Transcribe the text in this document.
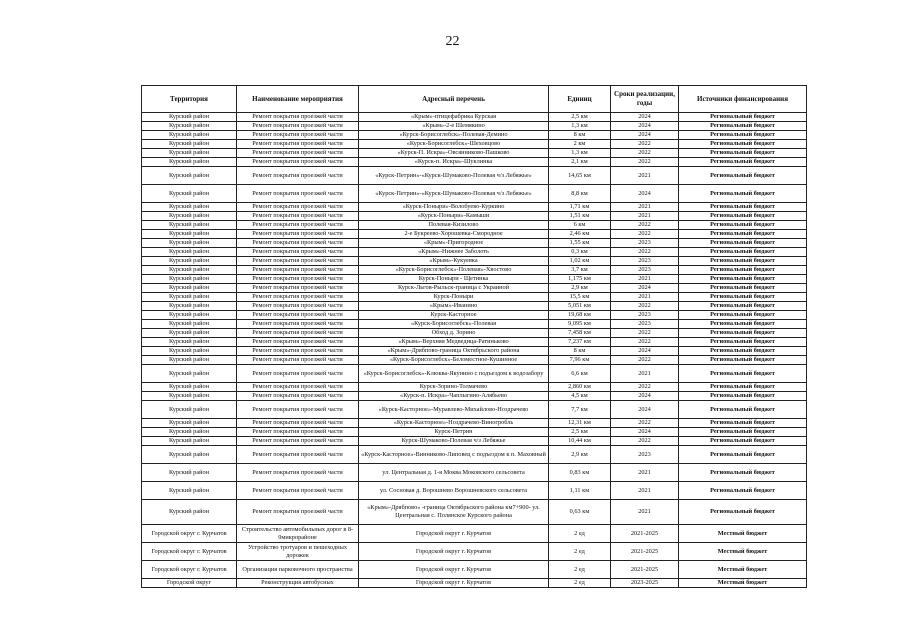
22
Территория	Наименование мероприятия	Адресный перечень	Единиц	Сроки реализации, годы	Источники финансирования
Курский район	Ремонт покрытия проезжей части	«Крым»-птицефабрика Курская	2,5 км	2024	Региональный бюджет
Курский район	Ремонт покрытия проезжей части	«Крым»-2-е Шемякино	1,3 км	2024	Региональный бюджет
Курский район	Ремонт покрытия проезжей части	«Курск-Борисоглебск»-Полевая-Демино	8 км	2024	Региональный бюджет
Курский район	Ремонт покрытия проезжей части	«Курск-Борисоглебск»-Шеховцово	2 км	2022	Региональный бюджет
Курский район	Ремонт покрытия проезжей части	«Курск-П. Искра»-Овсянниково-Пашково	1,3 км	2022	Региональный бюджет
Курский район	Ремонт покрытия проезжей части	«Курск-п. Искра»-Шуклинка	2,1 км	2022	Региональный бюджет
Курский район	Ремонт покрытия проезжей части	«Курск-Петрин»-«Курск-Шумаково-Полевая ч/з Лебяжье»	14,65 км	2021	Региональный бюджет
Курский район	Ремонт покрытия проезжей части	«Курск-Петрин»-«Курск-Шумаково-Полевая ч/з Лебяжье»	8,8 км	2024	Региональный бюджет
Курский район	Ремонт покрытия проезжей части	«Курск-Поныри»-Волобуево-Куркино	1,71 км	2021	Региональный бюджет
Курский район	Ремонт покрытия проезжей части	«Курск-Поныри»-Камыши	1,51 км	2021	Региональный бюджет
Курский район	Ремонт покрытия проезжей части	Полевая-Кизилово	6 км	2022	Региональный бюджет
Курский район	Ремонт покрытия проезжей части	2-е Букреево-Хорошевка-Смородное	2,46 км	2022	Региональный бюджет
Курский район	Ремонт покрытия проезжей части	«Крым»-Пригородное	1,55 км	2023	Региональный бюджет
Курский район	Ремонт покрытия проезжей части	«Крым»-Нижнее Заболоть	0,3 км	2022	Региональный бюджет
Курский район	Ремонт покрытия проезжей части	«Крым»-Кукуевка	1,02 км	2023	Региональный бюджет
Курский район	Ремонт покрытия проезжей части	«Курск-Борисоглебск»-Полевая»-Хвостово	3,7 км	2023	Региональный бюджет
Курский район	Ремонт покрытия проезжей части	Курск-Поныри - Щетинка	1,175 км	2021	Региональный бюджет
Курский район	Ремонт покрытия проезжей части	Курск-Льгов-Рыльск-граница с Украиной	2,9 км	2024	Региональный бюджет
Курский район	Ремонт покрытия проезжей части	Курск-Поныри	15,5 км	2021	Региональный бюджет
Курский район	Ремонт покрытия проезжей части	«Крым»-Иванино	5,051 км	2022	Региональный бюджет
Курский район	Ремонт покрытия проезжей части	Курск-Касторное	19,68 км	2023	Региональный бюджет
Курский район	Ремонт покрытия проезжей части	«Курск-Борисоглебск»-Полевая	9,095 км	2023	Региональный бюджет
Курский район	Ремонт покрытия проезжей части	Обход д. Зорино	7,458 км	2022	Региональный бюджет
Курский район	Ремонт покрытия проезжей части	«Крым»-Верхняя Медведица-Ратиньково	7,237 км	2022	Региональный бюджет
Курский район	Ремонт покрытия проезжей части	«Крым»-Дрябпово-граница Октябрьского района	8 км	2024	Региональный бюджет
Курский район	Ремонт покрытия проезжей части	«Курск-Борисоглебск»-Беломестное-Кушинное	7,96 км	2022	Региональный бюджет
Курский район	Ремонт покрытия проезжей части	«Курск-Борисоглебск»-Клюква-Якунино с подъездом к водозабору	6,6 км	2021	Региональный бюджет
Курский район	Ремонт покрытия проезжей части	Курск-Зорино-Толмачево	2,860 км	2022	Региональный бюджет
Курский район	Ремонт покрытия проезжей части	«Курск-п. Искра»-Чаплыгино-Алябьево	4,5 км	2024	Региональный бюджет
Курский район	Ремонт покрытия проезжей части	«Курск-Касторное»-Муравлево-Михайлово-Ноздрачево	7,7 км	2024	Региональный бюджет
Курский район	Ремонт покрытия проезжей части	«Курск-Касторное»-Ноздрачево-Виногробль	12,31 км	2022	Региональный бюджет
Курский район	Ремонт покрытия проезжей части	Курск-Петрин	2,5 км	2024	Региональный бюджет
Курский район	Ремонт покрытия проезжей части	Курск-Шумаково-Полевая ч/з Лебяжье	10,44 км	2022	Региональный бюджет
Курский район	Ремонт покрытия проезжей части	«Курск-Касторное»-Винниково-Липовец с подъездом к п. Маховный	2,9 км	2023	Региональный бюджет
Курский район	Ремонт покрытия проезжей части	ул. Центральная д. 1-я Моква Моковского сельсовета	0,83 км	2021	Региональный бюджет
Курский район	Ремонт покрытия проезжей части	ул. Сосновая д. Ворошнево Ворошневского сельсовета	1,11 км	2021	Региональный бюджет
Курский район	Ремонт покрытия проезжей части	«Крым»-Дрябпово» -граница Октябрьского района км7+900- ул. Центральная с. Полянское Курского района	0,63 км	2021	Региональный бюджет
Городской округ г. Курчатов	Строительство автомобильных дорог в 8-9микрорайоне	Городской округ г. Курчатов	2 ед	2021-2025	Местный бюджет
Городской округ г. Курчатов	Устройство тротуаров и пешеходных дорожек	Городской округ г. Курчатов	2 ед	2021-2025	Местный бюджет
Городской округ г. Курчатов	Организация парковочного пространства	Городской округ г. Курчатов	2 ед	2021-2025	Местный бюджет
Городской округ	Реконструкция автобусных	Городской округ г. Курчатов	2 ед	2023-2025	Местный бюджет
